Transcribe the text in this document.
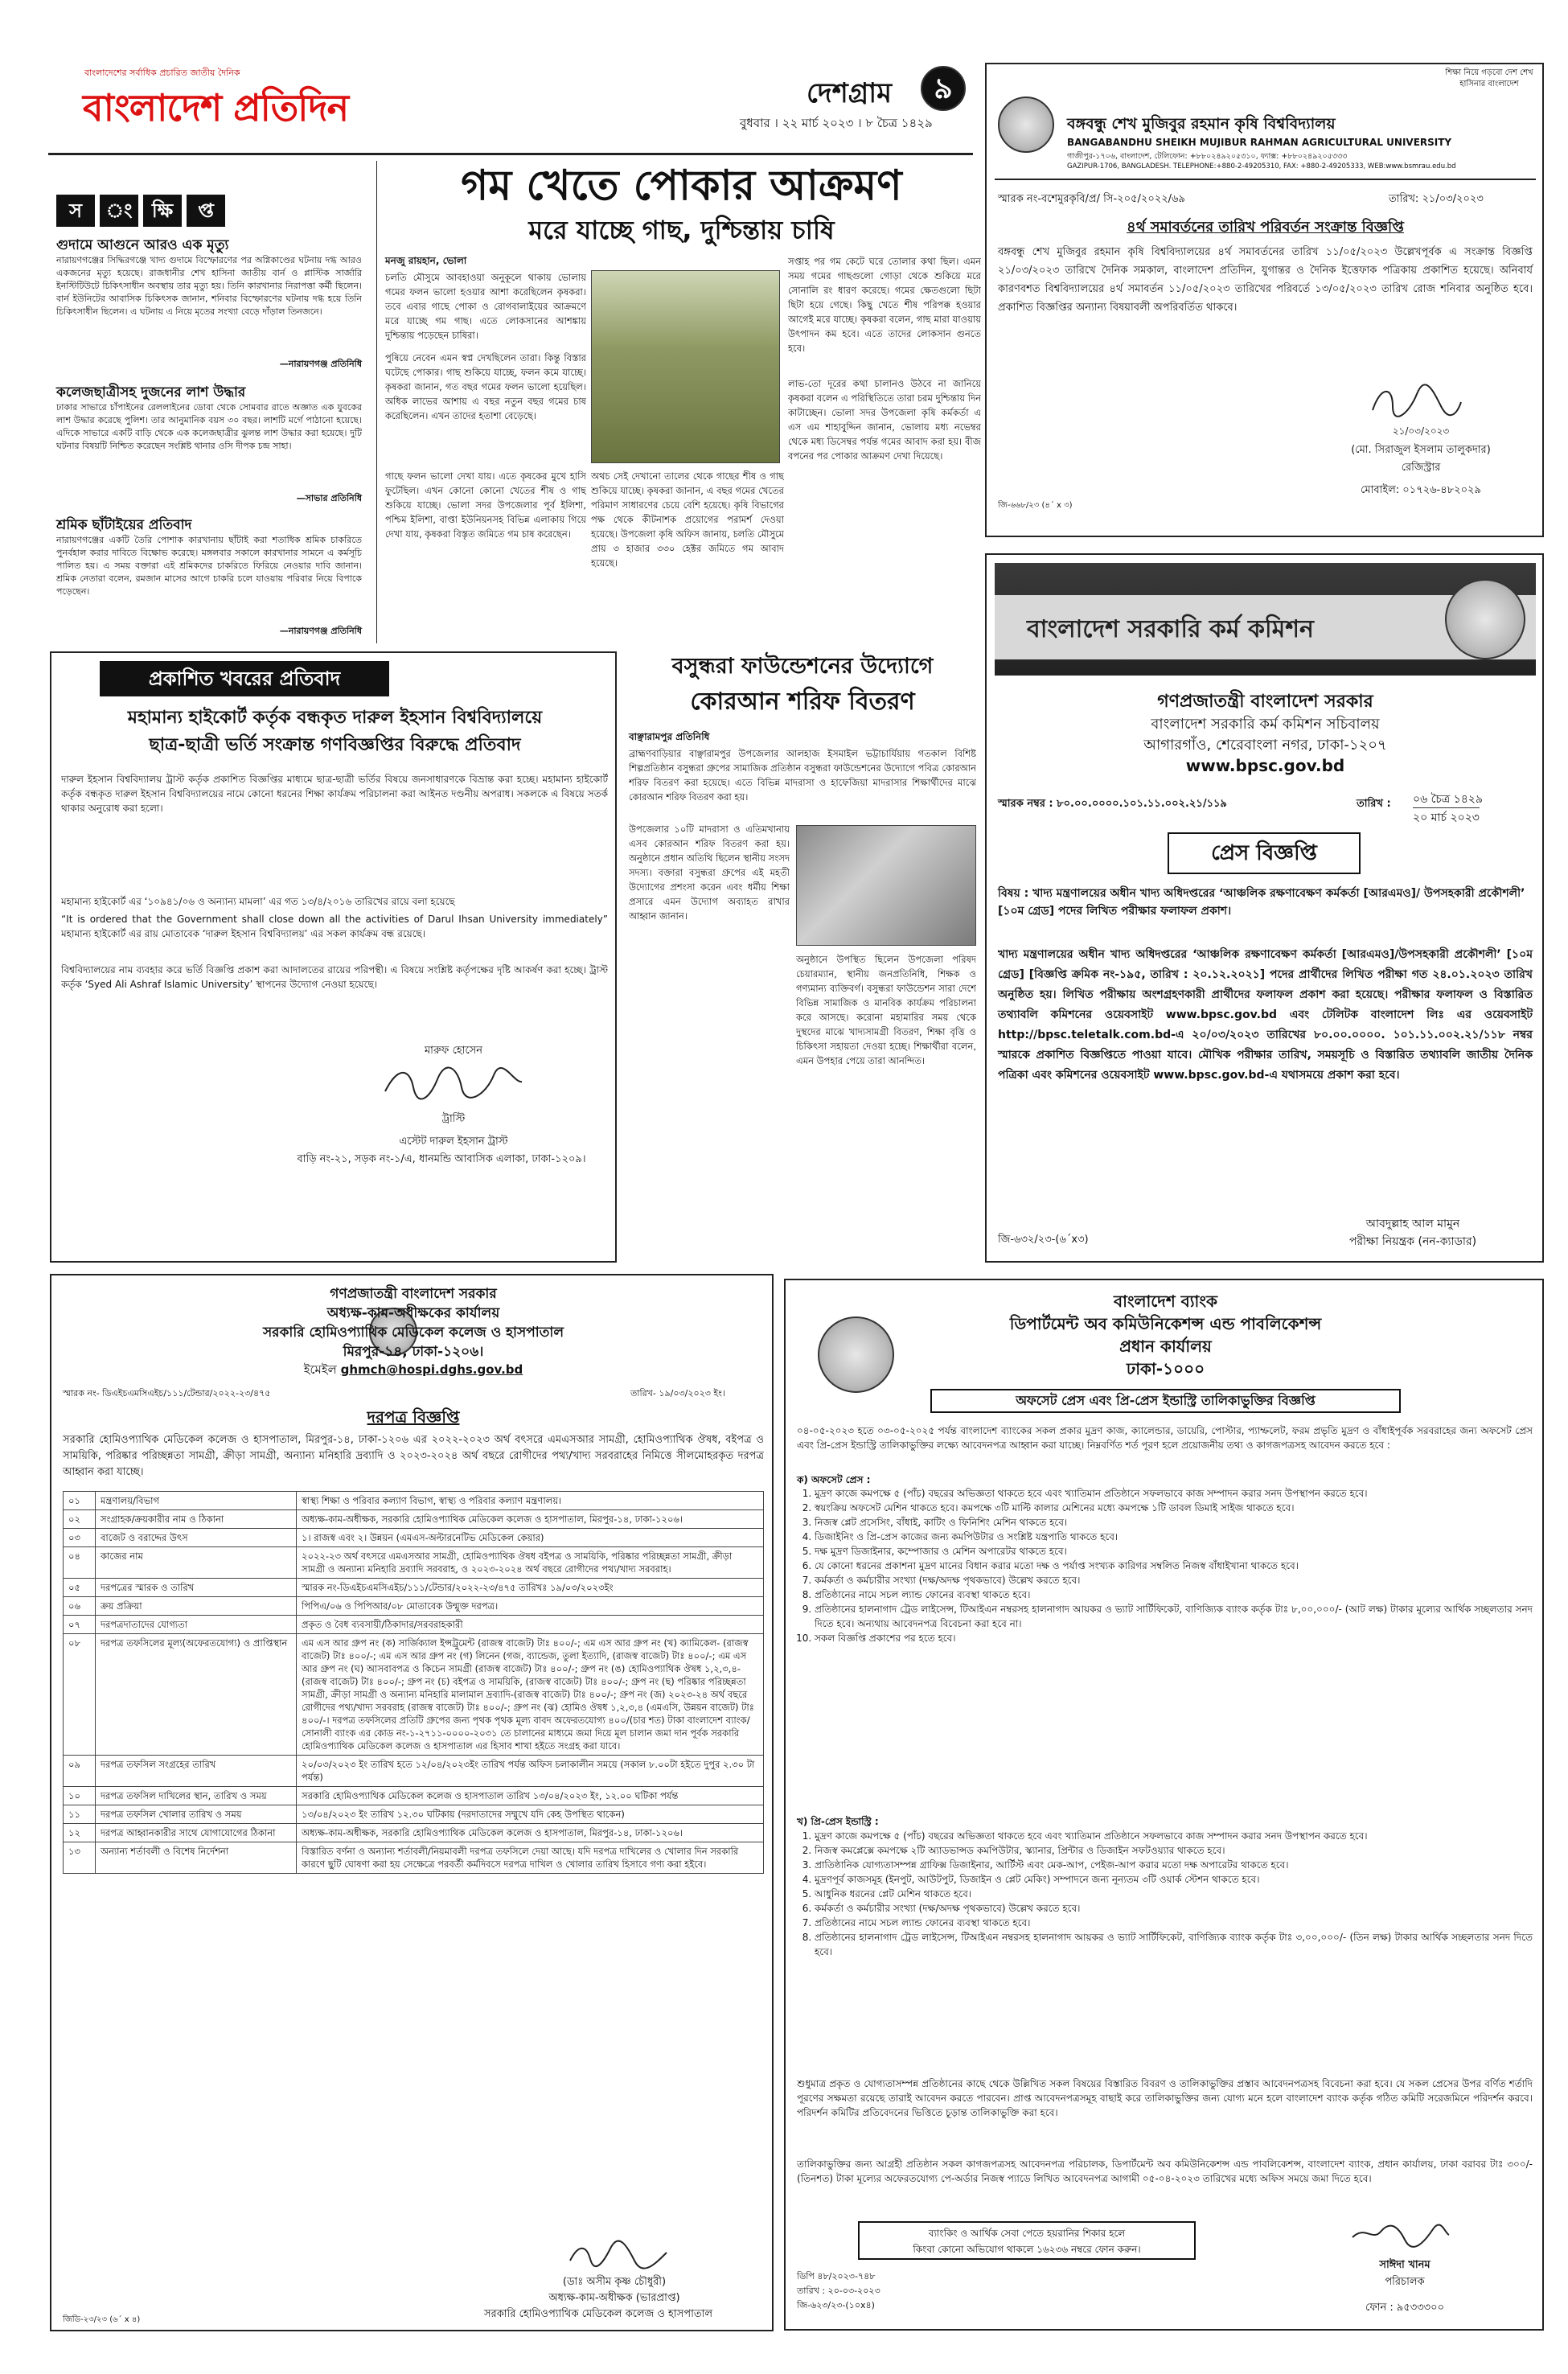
বাংলাদেশের সর্বাধিক প্রচারিত জাতীয় দৈনিক
বাংলাদেশ প্রতিদিন	বুধবার । ২২ মার্চ ২০২৩ । ৮ চৈত্র ১৪২৯
দেশগ্রাম	৯
স	ং	ক্ষি	প্ত
গুদামে আগুনে আরও এক মৃত্যু
নারায়ণগঞ্জের সিদ্ধিরগঞ্জে খাদ্য গুদামে বিস্ফোরণের পর অগ্নিকাণ্ডের ঘটনায় দগ্ধ আরও একজনের মৃত্যু হয়েছে। রাজধানীর শেখ হাসিনা জাতীয় বার্ন ও প্লাস্টিক সার্জারি ইনস্টিটিউটে চিকিৎসাধীন অবস্থায় তার মৃত্যু হয়। তিনি কারখানার নিরাপত্তা কর্মী ছিলেন। বার্ন ইউনিটের আবাসিক চিকিৎসক জানান, শনিবার বিস্ফোরণের ঘটনায় দগ্ধ হয়ে তিনি চিকিৎসাধীন ছিলেন। এ ঘটনায় এ নিয়ে মৃতের সংখ্যা বেড়ে দাঁড়াল তিনজনে।
—নারায়ণগঞ্জ প্রতিনিধি
কলেজছাত্রীসহ দুজনের লাশ উদ্ধার
ঢাকার সাভারে চাঁপাইনের রেললাইনের ডোবা থেকে সোমবার রাতে অজ্ঞাত এক যুবকের লাশ উদ্ধার করেছে পুলিশ। তার আনুমানিক বয়স ৩০ বছর। লাশটি মর্গে পাঠানো হয়েছে। এদিকে সাভারে একটি বাড়ি থেকে এক কলেজছাত্রীর ঝুলন্ত লাশ উদ্ধার করা হয়েছে। দুটি ঘটনার বিষয়টি নিশ্চিত করেছেন সংশ্লিষ্ট থানার ওসি দীপক চন্দ্র সাহা।
—সাভার প্রতিনিধি
শ্রমিক ছাঁটাইয়ের প্রতিবাদ
নারায়ণগঞ্জের একটি তৈরি পোশাক কারখানায় ছাঁটাই করা শতাধিক শ্রমিক চাকরিতে পুনর্বহাল করার দাবিতে বিক্ষোভ করেছে। মঙ্গলবার সকালে কারখানার সামনে এ কর্মসূচি পালিত হয়। এ সময় বক্তারা এই শ্রমিকদের চাকরিতে ফিরিয়ে নেওয়ার দাবি জানান। শ্রমিক নেতারা বলেন, রমজান মাসের আগে চাকরি চলে যাওয়ায় পরিবার নিয়ে বিপাকে পড়েছেন।
—নারায়ণগঞ্জ প্রতিনিধি
গম খেতে পোকার আক্রমণ
মরে যাচ্ছে গাছ, দুশ্চিন্তায় চাষি
মনজু রায়হান, ভোলা
চলতি মৌসুমে আবহাওয়া অনুকূলে থাকায় ভোলায় গমের ফলন ভালো হওয়ার আশা করেছিলেন কৃষকরা। তবে এবার গাছে পোকা ও রোগবালাইয়ের আক্রমণে মরে যাচ্ছে গম গাছ। এতে লোকসানের আশঙ্কায় দুশ্চিন্তায় পড়েছেন চাষিরা।
পুষিয়ে নেবেন এমন স্বপ্ন দেখছিলেন তারা। কিন্তু বিস্তার ঘটেছে পোকার। গাছ শুকিয়ে যাচ্ছে, ফলন কমে যাচ্ছে। কৃষকরা জানান, গত বছর গমের ফলন ভালো হয়েছিল। অধিক লাভের আশায় এ বছর নতুন বছর গমের চাষ করেছিলেন। এখন তাদের হতাশা বেড়েছে।
সপ্তাহ পর গম কেটে ঘরে তোলার কথা ছিল। এমন সময় গমের গাছগুলো গোড়া থেকে শুকিয়ে মরে সোনালি রং ধারণ করেছে। গমের ক্ষেতগুলো ছিটা ছিটা হয়ে গেছে। কিছু খেতে শীষ পরিপক্ক হওয়ার আগেই মরে যাচ্ছে। কৃষকরা বলেন, গাছ মারা যাওয়ায় উৎপাদন কম হবে। এতে তাদের লোকসান গুনতে হবে।
লাভ-তো দূরের কথা চালানও উঠবে না জানিয়ে কৃষকরা বলেন এ পরিস্থিতিতে তারা চরম দুশ্চিন্তায় দিন কাটাচ্ছেন। ভোলা সদর উপজেলা কৃষি কর্মকর্তা এ এস এম শাহাবুদ্দিন জানান, ভোলায় মধ্য নভেম্বর থেকে মধ্য ডিসেম্বর পর্যন্ত গমের আবাদ করা হয়। বীজ বপনের পর পোকার আক্রমণ দেখা দিয়েছে।
গাছে ফলন ভালো দেখা যায়। এতে কৃষকের মুখে হাসি ফুটেছিল। এখন কোনো কোনো খেতের শীষ ও গাছ শুকিয়ে যাচ্ছে। ভোলা সদর উপজেলার পূর্ব ইলিশা, পশ্চিম ইলিশা, বাপ্তা ইউনিয়নসহ বিভিন্ন এলাকায় গিয়ে দেখা যায়, কৃষকরা বিস্তৃত জমিতে গম চাষ করেছেন।
অথচ সেই দেখানো তালের থেকে গাছের শীষ ও গাছ শুকিয়ে যাচ্ছে। কৃষকরা জানান, এ বছর গমের খেতের পরিমাণ সাধারণের চেয়ে বেশি হয়েছে। কৃষি বিভাগের পক্ষ থেকে কীটনাশক প্রয়োগের পরামর্শ দেওয়া হয়েছে। উপজেলা কৃষি অফিস জানায়, চলতি মৌসুমে প্রায় ৩ হাজার ৩৩০ হেক্টর জমিতে গম আবাদ হয়েছে।
প্রকাশিত খবরের প্রতিবাদ
মহামান্য হাইকোর্ট কর্তৃক বন্ধকৃত দারুল ইহসান বিশ্ববিদ্যালয়ে
ছাত্র-ছাত্রী ভর্তি সংক্রান্ত গণবিজ্ঞপ্তির বিরুদ্ধে প্রতিবাদ
দারুল ইহসান বিশ্ববিদ্যালয় ট্রাস্ট কর্তৃক প্রকাশিত বিজ্ঞপ্তির মাধ্যমে ছাত্র-ছাত্রী ভর্তির বিষয়ে জনসাধারণকে বিভ্রান্ত করা হচ্ছে। মহামান্য হাইকোর্ট কর্তৃক বন্ধকৃত দারুল ইহসান বিশ্ববিদ্যালয়ের নামে কোনো ধরনের শিক্ষা কার্যক্রম পরিচালনা করা আইনত দণ্ডনীয় অপরাধ। সকলকে এ বিষয়ে সতর্ক থাকার অনুরোধ করা হলো।
মহামান্য হাইকোর্ট এর ‘১০৯৪১/০৬ ও অন্যান্য মামলা’ এর গত ১৩/৪/২০১৬ তারিখের রায়ে বলা হয়েছে
“It is ordered that the Government shall close down all the activities of Darul Ihsan University immediately” মহামান্য হাইকোর্ট এর রায় মোতাবেক ‘দারুল ইহসান বিশ্ববিদ্যালয়’ এর সকল কার্যক্রম বন্ধ রয়েছে।
বিশ্ববিদ্যালয়ের নাম ব্যবহার করে ভর্তি বিজ্ঞপ্তি প্রকাশ করা আদালতের রায়ের পরিপন্থী। এ বিষয়ে সংশ্লিষ্ট কর্তৃপক্ষের দৃষ্টি আকর্ষণ করা হচ্ছে। ট্রাস্ট কর্তৃক ‘Syed Ali Ashraf Islamic University’ স্থাপনের উদ্যোগ নেওয়া হয়েছে।
মারুফ হোসেন
ট্রাস্টি
এস্টেট দারুল ইহসান ট্রাস্ট
বাড়ি নং-২১, সড়ক নং-১/এ, ধানমন্ডি আবাসিক এলাকা, ঢাকা-১২০৯।
বসুন্ধরা ফাউন্ডেশনের উদ্যোগে
কোরআন শরিফ বিতরণ
বাঞ্ছারামপুর প্রতিনিধি
ব্রাহ্মণবাড়িয়ার বাঞ্ছারামপুর উপজেলার আলহাজ ইসমাইল ভট্টাচার্যিয়ায় গতকাল বিশিষ্ট শিল্পপ্রতিষ্ঠান বসুন্ধরা গ্রুপের সামাজিক প্রতিষ্ঠান বসুন্ধরা ফাউন্ডেশনের উদ্যোগে পবিত্র কোরআন শরিফ বিতরণ করা হয়েছে। এতে বিভিন্ন মাদরাসা ও হাফেজিয়া মাদরাসার শিক্ষার্থীদের মাঝে কোরআন শরিফ বিতরণ করা হয়।
উপজেলার ১০টি মাদরাসা ও এতিমখানায় এসব কোরআন শরিফ বিতরণ করা হয়। অনুষ্ঠানে প্রধান অতিথি ছিলেন স্থানীয় সংসদ সদস্য। বক্তারা বসুন্ধরা গ্রুপের এই মহতী উদ্যোগের প্রশংসা করেন এবং ধর্মীয় শিক্ষা প্রসারে এমন উদ্যোগ অব্যাহত রাখার আহ্বান জানান।
অনুষ্ঠানে উপস্থিত ছিলেন উপজেলা পরিষদ চেয়ারম্যান, স্থানীয় জনপ্রতিনিধি, শিক্ষক ও গণ্যমান্য ব্যক্তিবর্গ। বসুন্ধরা ফাউন্ডেশন সারা দেশে বিভিন্ন সামাজিক ও মানবিক কার্যক্রম পরিচালনা করে আসছে। করোনা মহামারির সময় থেকে দুস্থদের মাঝে খাদ্যসামগ্রী বিতরণ, শিক্ষা বৃত্তি ও চিকিৎসা সহায়তা দেওয়া হচ্ছে। শিক্ষার্থীরা বলেন, এমন উপহার পেয়ে তারা আনন্দিত।
শিক্ষা নিয়ে গড়বো দেশ শেখ হাসিনার বাংলাদেশ
বঙ্গবন্ধু শেখ মুজিবুর রহমান কৃষি বিশ্ববিদ্যালয়
BANGABANDHU SHEIKH MUJIBUR RAHMAN AGRICULTURAL UNIVERSITY
গাজীপুর-১৭০৬, বাংলাদেশ, টেলিফোন: +৮৮০২৪৯২০৫৩১০, ফ্যাক্স: +৮৮০২৪৯২০৫৩৩৩
GAZIPUR-1706, BANGLADESH. TELEPHONE:+880-2-49205310, FAX: +880-2-49205333, WEB:www.bsmrau.edu.bd
স্মারক নং-বশেমুরকৃবি/প্র/ সি-২০৫/২০২২/৬৯	তারিখ: ২১/০৩/২০২৩
৪র্থ সমাবর্তনের তারিখ পরিবর্তন সংক্রান্ত বিজ্ঞপ্তি
বঙ্গবন্ধু শেখ মুজিবুর রহমান কৃষি বিশ্ববিদ্যালয়ের ৪র্থ সমাবর্তনের তারিখ ১১/০৫/২০২৩ উল্লেখপূর্বক এ সংক্রান্ত বিজ্ঞপ্তি ২১/০৩/২০২৩ তারিখে দৈনিক সমকাল, বাংলাদেশ প্রতিদিন, যুগান্তর ও দৈনিক ইত্তেফাক পত্রিকায় প্রকাশিত হয়েছে। অনিবার্য কারণবশত বিশ্ববিদ্যালয়ের ৪র্থ সমাবর্তন ১১/০৫/২০২৩ তারিখের পরিবর্তে ১৩/০৫/২০২৩ তারিখ রোজ শনিবার অনুষ্ঠিত হবে। প্রকাশিত বিজ্ঞপ্তির অন্যান্য বিষয়াবলী অপরিবর্তিত থাকবে।
২১/০৩/২০২৩
(মো. সিরাজুল ইসলাম তালুকদার)
রেজিস্ট্রার
মোবাইল: ০১৭২৬-৪৮২০২৯
জি-৬৬৮/২৩ (৪´ x ৩)
বাংলাদেশ সরকারি কর্ম কমিশন
গণপ্রজাতন্ত্রী বাংলাদেশ সরকার
বাংলাদেশ সরকারি কর্ম কমিশন সচিবালয়
আগারগাঁও, শেরেবাংলা নগর, ঢাকা-১২০৭
www.bpsc.gov.bd
স্মারক নম্বর : ৮০.০০.০০০০.১০১.১১.০০২.২১/১১৯	তারিখ : ০৬ চৈত্র ১৪২৯
২০ মার্চ ২০২৩
প্রেস বিজ্ঞপ্তি
বিষয় : খাদ্য মন্ত্রণালয়ের অধীন খাদ্য অধিদপ্তরের ‘আঞ্চলিক রক্ষণাবেক্ষণ কর্মকর্তা [আরএমও]/ উপসহকারী প্রকৌশলী’ [১০ম গ্রেড] পদের লিখিত পরীক্ষার ফলাফল প্রকাশ।
খাদ্য মন্ত্রণালয়ের অধীন খাদ্য অধিদপ্তরের ‘আঞ্চলিক রক্ষণাবেক্ষণ কর্মকর্তা [আরএমও]/উপসহকারী প্রকৌশলী’ [১০ম গ্রেড] [বিজ্ঞপ্তি ক্রমিক নং-১৯৫, তারিখ : ২০.১২.২০২১] পদের প্রার্থীদের লিখিত পরীক্ষা গত ২৪.০১.২০২৩ তারিখ অনুষ্ঠিত হয়। লিখিত পরীক্ষায় অংশগ্রহণকারী প্রার্থীদের ফলাফল প্রকাশ করা হয়েছে। পরীক্ষার ফলাফল ও বিস্তারিত তথ্যাবলি কমিশনের ওয়েবসাইট www.bpsc.gov.bd এবং টেলিটক বাংলাদেশ লিঃ এর ওয়েবসাইট http://bpsc.teletalk.com.bd-এ ২০/০৩/২০২৩ তারিখের ৮০.০০.০০০০. ১০১.১১.০০২.২১/১১৮ নম্বর স্মারকে প্রকাশিত বিজ্ঞপ্তিতে পাওয়া যাবে। মৌখিক পরীক্ষার তারিখ, সময়সূচি ও বিস্তারিত তথ্যাবলি জাতীয় দৈনিক পত্রিকা এবং কমিশনের ওয়েবসাইট www.bpsc.gov.bd-এ যথাসময়ে প্রকাশ করা হবে।
আবদুল্লাহ আল মামুন
পরীক্ষা নিয়ন্ত্রক (নন-ক্যাডার)
জি-৬৩২/২৩-(৬´x৩)
গণপ্রজাতন্ত্রী বাংলাদেশ সরকার
অধ্যক্ষ-কাম-অধীক্ষকের কার্যালয়
সরকারি হোমিওপ্যাথিক মেডিকেল কলেজ ও হাসপাতাল
মিরপুর-১৪, ঢাকা-১২০৬।
ইমেইল ghmch@hospi.dghs.gov.bd
স্মারক নং- ডিএইচএমসিএইচ/১১১/টেন্ডার/২০২২-২৩/৪৭৫	তারিখ- ১৯/০৩/২০২৩ ইং।
দরপত্র বিজ্ঞপ্তি
সরকারি হোমিওপ্যাথিক মেডিকেল কলেজ ও হাসপাতাল, মিরপুর-১৪, ঢাকা-১২০৬ এর ২০২২-২০২৩ অর্থ বৎসরে এমএসআর সামগ্রী, হোমিওপ্যাথিক ঔষধ, বইপত্র ও সাময়িকি, পরিষ্কার পরিচ্ছন্নতা সামগ্রী, ক্রীড়া সামগ্রী, অন্যান্য মনিহারি দ্রব্যাদি ও ২০২৩-২০২৪ অর্থ বছরে রোগীদের পথ্য/খাদ্য সরবরাহের নিমিত্তে সীলমোহরকৃত দরপত্র আহ্বান করা যাচ্ছে।
০১	মন্ত্রণালয়/বিভাগ	স্বাস্থ্য শিক্ষা ও পরিবার কল্যাণ বিভাগ, স্বাস্থ্য ও পরিবার কল্যাণ মন্ত্রণালয়।
০২	সংগ্রাহক/ক্রয়কারীর নাম ও ঠিকানা	অধ্যক্ষ-কাম-অধীক্ষক, সরকারি হোমিওপ্যাথিক মেডিকেল কলেজ ও হাসপাতাল, মিরপুর-১৪, ঢাকা-১২০৬।
০৩	বাজেট ও বরাদ্দের উৎস	১। রাজস্ব এবং ২। উন্নয়ন (এমএস-অল্টারনেটিভ মেডিকেল কেয়ার)
০৪	কাজের নাম	২০২২-২৩ অর্থ বৎসরে এমএসআর সামগ্রী, হোমিওপ্যাথিক ঔষধ বইপত্র ও সাময়িকি, পরিষ্কার পরিচ্ছন্নতা সামগ্রী, ক্রীড়া সামগ্রী ও অন্যান্য মনিহারি দ্রব্যাদি সরবরাহ, ও ২০২৩-২০২৪ অর্থ বছরে রোগীদের পথ্য/খাদ্য সরবরাহ।
০৫	দরপত্রের স্মারক ও তারিখ	স্মারক নং-ডিএইচএমসিএইচ/১১১/টেন্ডার/২০২২-২৩/৪৭৫ তারিখঃ ১৯/০৩/২০২৩ইং
০৬	ক্রয় প্রক্রিয়া	পিপিএ/০৬ ও পিপিআর/০৮ মোতাবেক উন্মুক্ত দরপত্র।
০৭	দরপত্রদাতাদের যোগ্যতা	প্রকৃত ও বৈধ ব্যবসায়ী/ঠিকাদার/সরবরাহকারী
০৮	দরপত্র তফসিলের মূল্য(অফেরতযোগ্য) ও প্রাপ্তিস্থান	এম এস আর গ্রুপ নং (ক) সার্জিক্যাল ইন্সট্রুমেন্ট (রাজস্ব বাজেট) টাঃ ৪০০/-; এম এস আর গ্রুপ নং (খ) ক্যামিকেল- (রাজস্ব বাজেট) টাঃ ৪০০/-; এম এস আর গ্রুপ নং (গ) লিনেন (গজ, ব্যান্ডেজ, তুলা ইত্যাদি, (রাজস্ব বাজেট) টাঃ ৪০০/-; এম এস আর গ্রুপ নং (ঘ) আসবাবপত্র ও কিচেন সামগ্রী (রাজস্ব বাজেট) টাঃ ৪০০/-; গ্রুপ নং (ঙ) হোমিওপ্যাথিক ঔষধ ১,২,৩,৪- (রাজস্ব বাজেট) টাঃ ৪০০/-; গ্রুপ নং (চ) বইপত্র ও সাময়িকি, (রাজস্ব বাজেট) টাঃ ৪০০/-; গ্রুপ নং (ছ) পরিষ্কার পরিচ্ছন্নতা সামগ্রী, ক্রীড়া সামগ্রী ও অন্যান্য মনিহারি মালামাল দ্রব্যাদি-(রাজস্ব বাজেট) টাঃ ৪০০/-; গ্রুপ নং (জ) ২০২৩-২৪ অর্থ বছরে রোগীদের পথ্য/খাদ্য সরবরাহ (রাজস্ব বাজেট) টাঃ ৪০০/-; গ্রুপ নং (ঝ) হোমিও ঔষধ ১,২,৩,৪ (এমএসি, উন্নয়ন বাজেট) টাঃ ৪০০/-। দরপত্র তফসিলের প্রতিটি গ্রুপের জন্য পৃথক পৃথক মূল্য বাবদ অফেরতযোগ্য ৪০০/(চার শত) টাকা বাংলাদেশ ব্যাংক/সোনালী ব্যাংক এর কোড নং-১-২৭১১-০০০০-২০৩১ তে চালানের মাধ্যমে জমা দিয়ে মূল চালান জমা দান পূর্বক সরকারি হোমিওপ্যাথিক মেডিকেল কলেজ ও হাসপাতাল এর হিসাব শাখা হইতে সংগ্রহ করা যাবে।
০৯	দরপত্র তফসিল সংগ্রহের তারিখ	২০/০৩/২০২৩ ইং তারিখ হতে ১২/০৪/২০২৩ইং তারিখ পর্যন্ত অফিস চলাকালীন সময়ে (সকাল ৮.০০টা হইতে দুপুর ২.৩০ টা পর্যন্ত)
১০	দরপত্র তফসিল দাখিলের স্থান, তারিখ ও সময়	সরকারি হোমিওপ্যাথিক মেডিকেল কলেজ ও হাসপাতাল তারিখ ১৩/০৪/২০২৩ ইং, ১২.০০ ঘটিকা পর্যন্ত
১১	দরপত্র তফসিল খোলার তারিখ ও সময়	১৩/০৪/২০২৩ ইং তারিখ ১২.৩০ ঘটিকায় (দরদাতাদের সম্মুখে যদি কেহ উপস্থিত থাকেন)
১২	দরপত্র আহ্বানকারীর সাথে যোগাযোগের ঠিকানা	অধ্যক্ষ-কাম-অধীক্ষক, সরকারি হোমিওপ্যাথিক মেডিকেল কলেজ ও হাসপাতাল, মিরপুর-১৪, ঢাকা-১২০৬।
১৩	অন্যান্য শর্তাবলী ও বিশেষ নির্দেশনা	বিস্তারিত বর্ণনা ও অন্যান্য শর্তাবলী/নিয়মাবলী দরপত্র তফসিলে দেয়া আছে। যদি দরপত্র দাখিলের ও খোলার দিন সরকারি কারণে ছুটি ঘোষণা করা হয় সেক্ষেত্রে পরবর্তী কর্মদিবসে দরপত্র দাখিল ও খোলার তারিখ হিসাবে গণ্য করা হইবে।
(ডাঃ অসীম কৃষ্ণ চৌধুরী)
অধ্যক্ষ-কাম-অধীক্ষক (ভারপ্রাপ্ত)
সরকারি হোমিওপ্যাথিক মেডিকেল কলেজ ও হাসপাতাল
জিডি-২৩/২৩ (৬´ x ৪)
বাংলাদেশ ব্যাংক
ডিপার্টমেন্ট অব কমিউনিকেশন্স এন্ড পাবলিকেশন্স
প্রধান কার্যালয়
ঢাকা-১০০০
অফসেট প্রেস এবং প্রি-প্রেস ইন্ডাস্ট্রি তালিকাভুক্তির বিজ্ঞপ্তি
০৪-০৫-২০২৩ হতে ০৩-০৫-২০২৫ পর্যন্ত বাংলাদেশ ব্যাংকের সকল প্রকার মুদ্রণ কাজ, ক্যালেন্ডার, ডায়েরি, পোস্টার, প্যাম্ফলেট, ফরম প্রভৃতি মুদ্রণ ও বাঁধাইপূর্বক সরবরাহের জন্য অফসেট প্রেস এবং প্রি-প্রেস ইন্ডাস্ট্রি তালিকাভুক্তির লক্ষ্যে আবেদনপত্র আহ্বান করা যাচ্ছে। নিম্নবর্ণিত শর্ত পূরণ হলে প্রয়োজনীয় তথ্য ও কাগজপত্রসহ আবেদন করতে হবে :
ক) অফসেট প্রেস :
1. মুদ্রণ কাজে কমপক্ষে ৫ (পাঁচ) বছরের অভিজ্ঞতা থাকতে হবে এবং খ্যাতিমান প্রতিষ্ঠানে সফলভাবে কাজ সম্পাদন করার সনদ উপস্থাপন করতে হবে।
2. স্বয়ংক্রিয় অফসেট মেশিন থাকতে হবে। কমপক্ষে ৩টি মাল্টি কালার মেশিনের মধ্যে কমপক্ষে ১টি ডাবল ডিমাই সাইজ থাকতে হবে।
3. নিজস্ব প্লেট প্রসেসিং, বাঁধাই, কাটিং ও ফিনিশিং মেশিন থাকতে হবে।
4. ডিজাইনিং ও প্রি-প্রেস কাজের জন্য কমপিউটার ও সংশ্লিষ্ট যন্ত্রপাতি থাকতে হবে।
5. দক্ষ মুদ্রণ ডিজাইনার, কম্পোজার ও মেশিন অপারেটর থাকতে হবে।
6. যে কোনো ধরনের প্রকাশনা মুদ্রণ মানের বিধান করার মতো দক্ষ ও পর্যাপ্ত সংখ্যক কারিগর সম্বলিত নিজস্ব বাঁধাইখানা থাকতে হবে।
7. কর্মকর্তা ও কর্মচারীর সংখ্যা (দক্ষ/অদক্ষ পৃথকভাবে) উল্লেখ করতে হবে।
8. প্রতিষ্ঠানের নামে সচল ল্যান্ড ফোনের ব্যবস্থা থাকতে হবে।
9. প্রতিষ্ঠানের হালনাগাদ ট্রেড লাইসেন্স, টিআইএন নম্বরসহ হালনাগাদ আয়কর ও ভ্যাট সার্টিফিকেট, বাণিজ্যিক ব্যাংক কর্তৃক টাঃ ৮,০০,০০০/- (আট লক্ষ) টাকার মূল্যের আর্থিক সচ্ছলতার সনদ দিতে হবে। অন্যথায় আবেদনপত্র বিবেচনা করা হবে না।
10. সকল বিজ্ঞপ্তি প্রকাশের পর হতে হবে।
খ) প্রি-প্রেস ইন্ডাস্ট্রি :
1. মুদ্রণ কাজে কমপক্ষে ৫ (পাঁচ) বছরের অভিজ্ঞতা থাকতে হবে এবং খ্যাতিমান প্রতিষ্ঠানে সফলভাবে কাজ সম্পাদন করার সনদ উপস্থাপন করতে হবে।
2. নিজস্ব কমপ্লেক্সে কমপক্ষে ২টি অ্যাডভান্সড কমপিউটার, স্ক্যানার, প্রিন্টার ও ডিজাইন সফটওয়্যার থাকতে হবে।
3. প্রাতিষ্ঠানিক যোগ্যতাসম্পন্ন গ্রাফিক্স ডিজাইনার, আর্টিস্ট এবং মেক-আপ, পেইজ-আপ করার মতো দক্ষ অপারেটর থাকতে হবে।
4. মুদ্রণপূর্ব কাজসমূহ (ইনপুট, আউটপুট, ডিজাইন ও প্লেট মেকিং) সম্পাদনে জন্য নূন্যতম ৩টি ওয়ার্ক স্টেশন থাকতে হবে।
5. আধুনিক ধরনের প্লেট মেশিন থাকতে হবে।
6. কর্মকর্তা ও কর্মচারীর সংখ্যা (দক্ষ/অদক্ষ পৃথকভাবে) উল্লেখ করতে হবে।
7. প্রতিষ্ঠানের নামে সচল ল্যান্ড ফোনের ব্যবস্থা থাকতে হবে।
8. প্রতিষ্ঠানের হালনাগাদ ট্রেড লাইসেন্স, টিআইএন নম্বরসহ হালনাগাদ আয়কর ও ভ্যাট সার্টিফিকেট, বাণিজ্যিক ব্যাংক কর্তৃক টাঃ ৩,০০,০০০/- (তিন লক্ষ) টাকার আর্থিক সচ্ছলতার সনদ দিতে হবে।
শুধুমাত্র প্রকৃত ও যোগ্যতাসম্পন্ন প্রতিষ্ঠানের কাছে থেকে উল্লিখিত সকল বিষয়ের বিস্তারিত বিবরণ ও তালিকাভুক্তির প্রস্তাব আবেদনপত্রসহ বিবেচনা করা হবে। যে সকল প্রেসের উপর বর্ণিত শর্তাদি পূরণের সক্ষমতা রয়েছে তারাই আবেদন করতে পারবেন। প্রাপ্ত আবেদনপত্রসমূহ বাছাই করে তালিকাভুক্তির জন্য যোগ্য মনে হলে বাংলাদেশ ব্যাংক কর্তৃক গঠিত কমিটি সরেজমিনে পরিদর্শন করবে। পরিদর্শন কমিটির প্রতিবেদনের ভিত্তিতে চূড়ান্ত তালিকাভুক্তি করা হবে।
তালিকাভুক্তির জন্য আগ্রহী প্রতিষ্ঠান সকল কাগজপত্রসহ আবেদনপত্র পরিচালক, ডিপার্টমেন্ট অব কমিউনিকেশন্স এন্ড পাবলিকেশন্স, বাংলাদেশ ব্যাংক, প্রধান কার্যালয়, ঢাকা বরাবর টাঃ ৩০০/- (তিনশত) টাকা মূল্যের অফেরতযোগ্য পে-অর্ডার নিজস্ব প্যাডে লিখিত আবেদনপত্র আগামী ০৫-০৪-২০২৩ তারিখের মধ্যে অফিস সময়ে জমা দিতে হবে।
ব্যাংকিং ও আর্থিক সেবা পেতে হয়রানির শিকার হলে
কিংবা কোনো অভিযোগ থাকলে ১৬২৩৬ নম্বরে ফোন করুন।
সাঈদা খানম
পরিচালক
ফোন : ৯৫৩৩৩০০
ডিপি ৪৮/২০২৩-৭৪৮
তারিখ : ২০-০৩-২০২৩
জি-৬২৩/২৩-(১০x৪)
